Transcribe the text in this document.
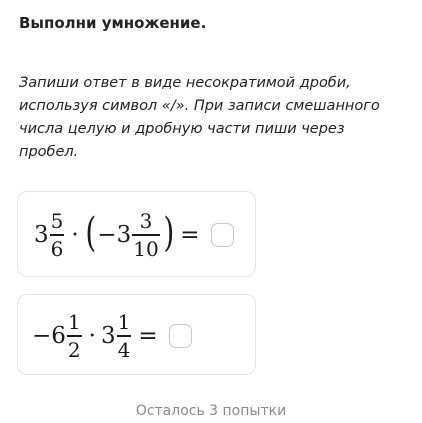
Выполни умножение.
Запиши ответ в виде несократимой дроби, используя символ «/». При записи смешанного числа целую и дробную части пиши через пробел.
$3 \frac{5}{6}$ · ( − $3 \frac{3}{10}$ ) =
− $6 \frac{1}{2} \cdot 3 \frac{1}{4}$ =
Осталось 3 попытки
